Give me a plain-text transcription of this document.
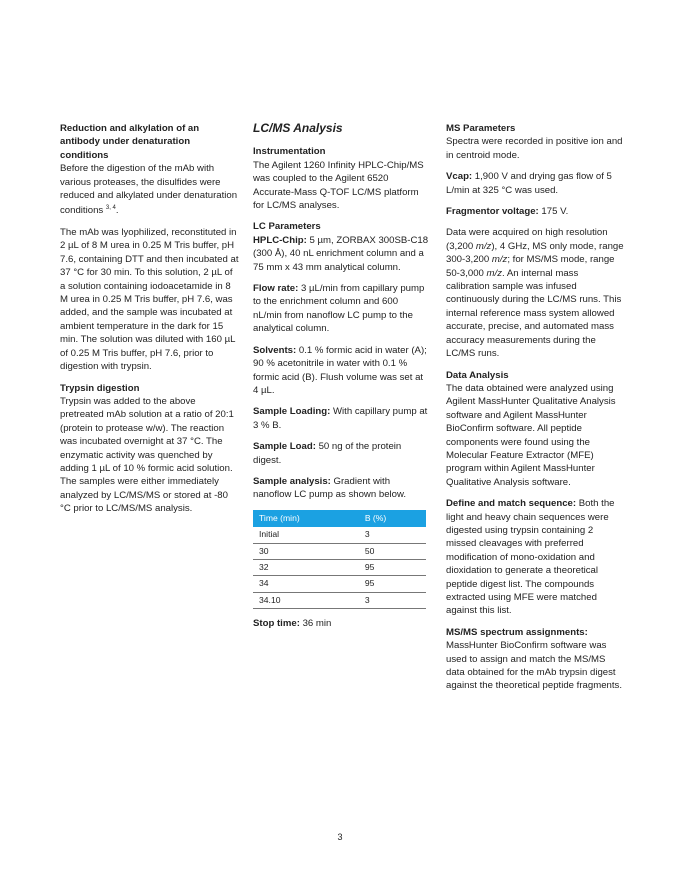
Reduction and alkylation of an antibody under denaturation conditions
Before the digestion of the mAb with various proteases, the disulfides were reduced and alkylated under denaturation conditions $^{3, 4}$.

The mAb was lyophilized, reconstituted in 2 µL of 8 M urea in 0.25 M Tris buffer, pH 7.6, containing DTT and then incubated at 37 °C for 30 min. To this solution, 2 µL of a solution containing iodoacetamide in 8 M urea in 0.25 M Tris buffer, pH 7.6, was added, and the sample was incubated at ambient temperature in the dark for 15 min. The solution was diluted with 160 µL of 0.25 M Tris buffer, pH 7.6, prior to digestion with trypsin.

Trypsin digestion
Trypsin was added to the above pretreated mAb solution at a ratio of 20:1 (protein to protease w/w). The reaction was incubated overnight at 37 °C. The enzymatic activity was quenched by adding 1 µL of 10 % formic acid solution. The samples were either immediately analyzed by LC/MS/MS or stored at -80 °C prior to LC/MS/MS analysis.

LC/MS Analysis

Instrumentation
The Agilent 1260 Infinity HPLC-Chip/MS was coupled to the Agilent 6520 Accurate-Mass Q-TOF LC/MS platform for LC/MS analyses.

LC Parameters
HPLC-Chip: 5 µm, ZORBAX 300SB-C18 (300 Å), 40 nL enrichment column and a 75 mm x 43 mm analytical column.

Flow rate: 3 µL/min from capillary pump to the enrichment column and 600 nL/min from nanoflow LC pump to the analytical column.

Solvents: 0.1 % formic acid in water (A); 90 % acetonitrile in water with 0.1 % formic acid (B). Flush volume was set at 4 µL.

Sample Loading: With capillary pump at 3 % B.

Sample Load: 50 ng of the protein digest.

Sample analysis: Gradient with nanoflow LC pump as shown below.

Time (min)	B (%)
Initial	3
30	50
32	95
34	95
34.10	3

Stop time: 36 min

MS Parameters
Spectra were recorded in positive ion and in centroid mode.

Vcap: 1,900 V and drying gas flow of 5 L/min at 325 °C was used.

Fragmentor voltage: 175 V.

Data were acquired on high resolution (3,200 m/z), 4 GHz, MS only mode, range 300-3,200 m/z; for MS/MS mode, range 50-3,000 m/z. An internal mass calibration sample was infused continuously during the LC/MS runs. This internal reference mass system allowed accurate, precise, and automated mass accuracy measurements during the LC/MS runs.

Data Analysis
The data obtained were analyzed using Agilent MassHunter Qualitative Analysis software and Agilent MassHunter BioConfirm software. All peptide components were found using the Molecular Feature Extractor (MFE) program within Agilent MassHunter Qualitative Analysis software.

Define and match sequence: Both the light and heavy chain sequences were digested using trypsin containing 2 missed cleavages with preferred modification of mono-oxidation and dioxidation to generate a theoretical peptide digest list. The compounds extracted using MFE were matched against this list.

MS/MS spectrum assignments: MassHunter BioConfirm software was used to assign and match the MS/MS data obtained for the mAb trypsin digest against the theoretical peptide fragments.

3
